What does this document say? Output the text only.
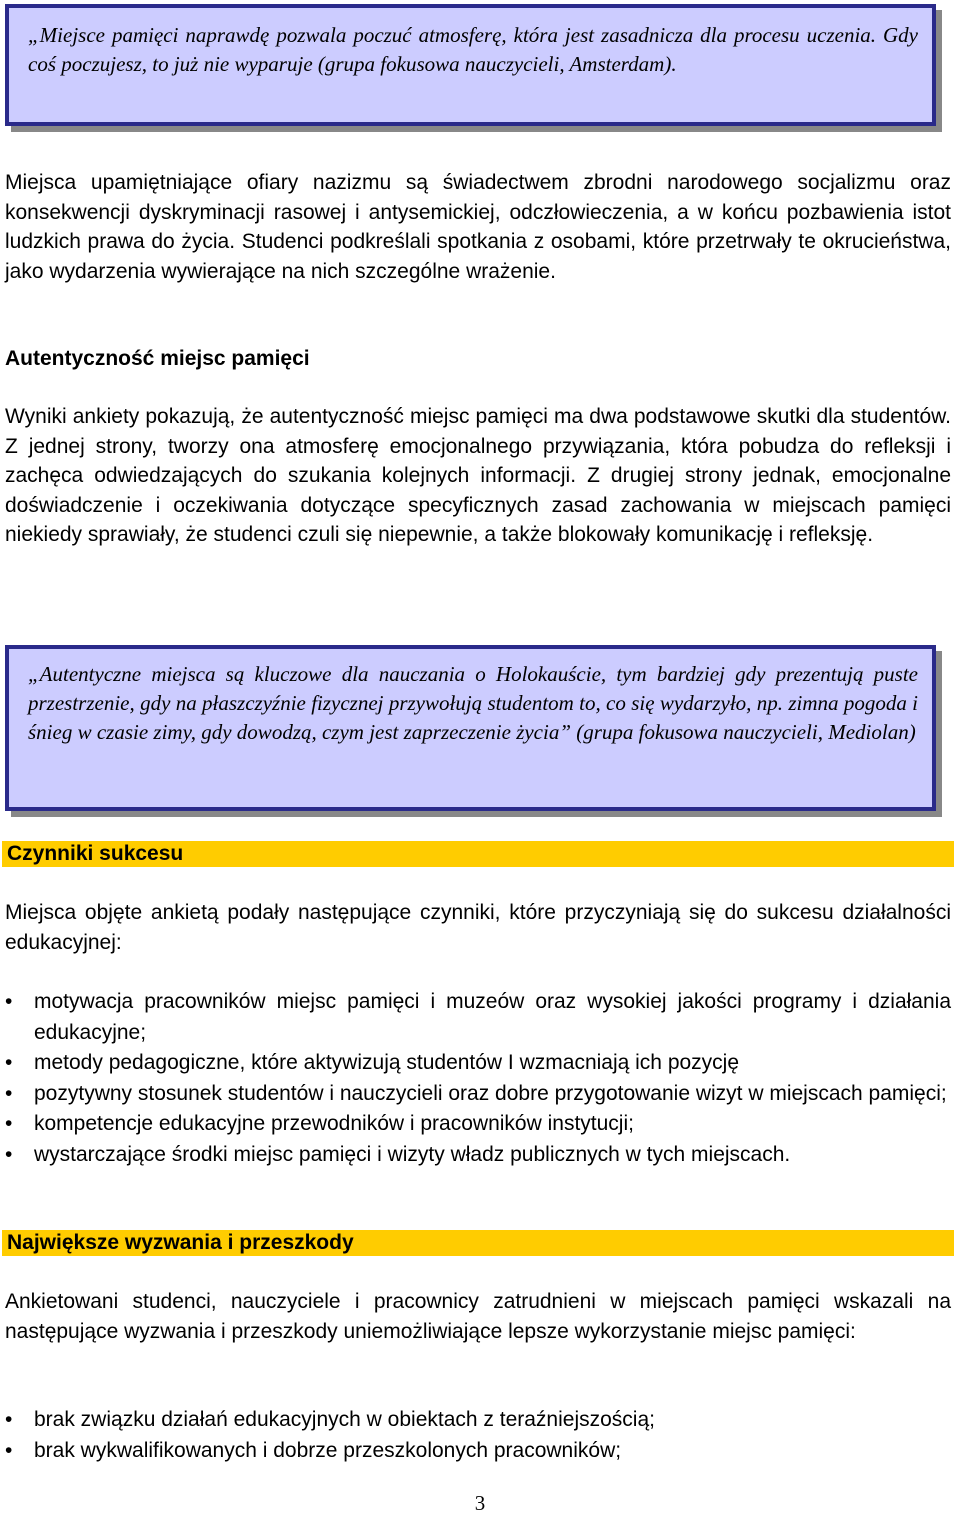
„Miejsce pamięci naprawdę pozwala poczuć atmosferę, która jest zasadnicza dla procesu uczenia. Gdy coś poczujesz, to już nie wyparuje (grupa fokusowa nauczycieli, Amsterdam).

Miejsca upamiętniające ofiary nazizmu są świadectwem zbrodni narodowego socjalizmu oraz konsekwencji dyskryminacji rasowej i antysemickiej, odczłowieczenia, a w końcu pozbawienia istot ludzkich prawa do życia. Studenci podkreślali spotkania z osobami, które przetrwały te okrucieństwa, jako wydarzenia wywierające na nich szczególne wrażenie.

Autentyczność miejsc pamięci

Wyniki ankiety pokazują, że autentyczność miejsc pamięci ma dwa podstawowe skutki dla studentów. Z jednej strony, tworzy ona atmosferę emocjonalnego przywiązania, która pobudza do refleksji i zachęca odwiedzających do szukania kolejnych informacji. Z drugiej strony jednak, emocjonalne doświadczenie i oczekiwania dotyczące specyficznych zasad zachowania w miejscach pamięci niekiedy sprawiały, że studenci czuli się niepewnie, a także blokowały komunikację i refleksję.

„Autentyczne miejsca są kluczowe dla nauczania o Holokauście, tym bardziej gdy prezentują puste przestrzenie, gdy na płaszczyźnie fizycznej przywołują studentom to, co się wydarzyło, np. zimna pogoda i śnieg w czasie zimy, gdy dowodzą, czym jest zaprzeczenie życia” (grupa fokusowa nauczycieli, Mediolan)

Czynniki sukcesu

Miejsca objęte ankietą podały następujące czynniki, które przyczyniają się do sukcesu działalności edukacyjnej:

• motywacja pracowników miejsc pamięci i muzeów oraz wysokiej jakości programy i działania edukacyjne;
• metody pedagogiczne, które aktywizują studentów I wzmacniają ich pozycję
• pozytywny stosunek studentów i nauczycieli oraz dobre przygotowanie wizyt w miejscach pamięci;
• kompetencje edukacyjne przewodników i pracowników instytucji;
• wystarczające środki miejsc pamięci i wizyty władz publicznych w tych miejscach.

Największe wyzwania i przeszkody

Ankietowani studenci, nauczyciele i pracownicy zatrudnieni w miejscach pamięci wskazali na następujące wyzwania i przeszkody uniemożliwiające lepsze wykorzystanie miejsc pamięci:

• brak związku działań edukacyjnych w obiektach z teraźniejszością;
• brak wykwalifikowanych i dobrze przeszkolonych pracowników;

3
